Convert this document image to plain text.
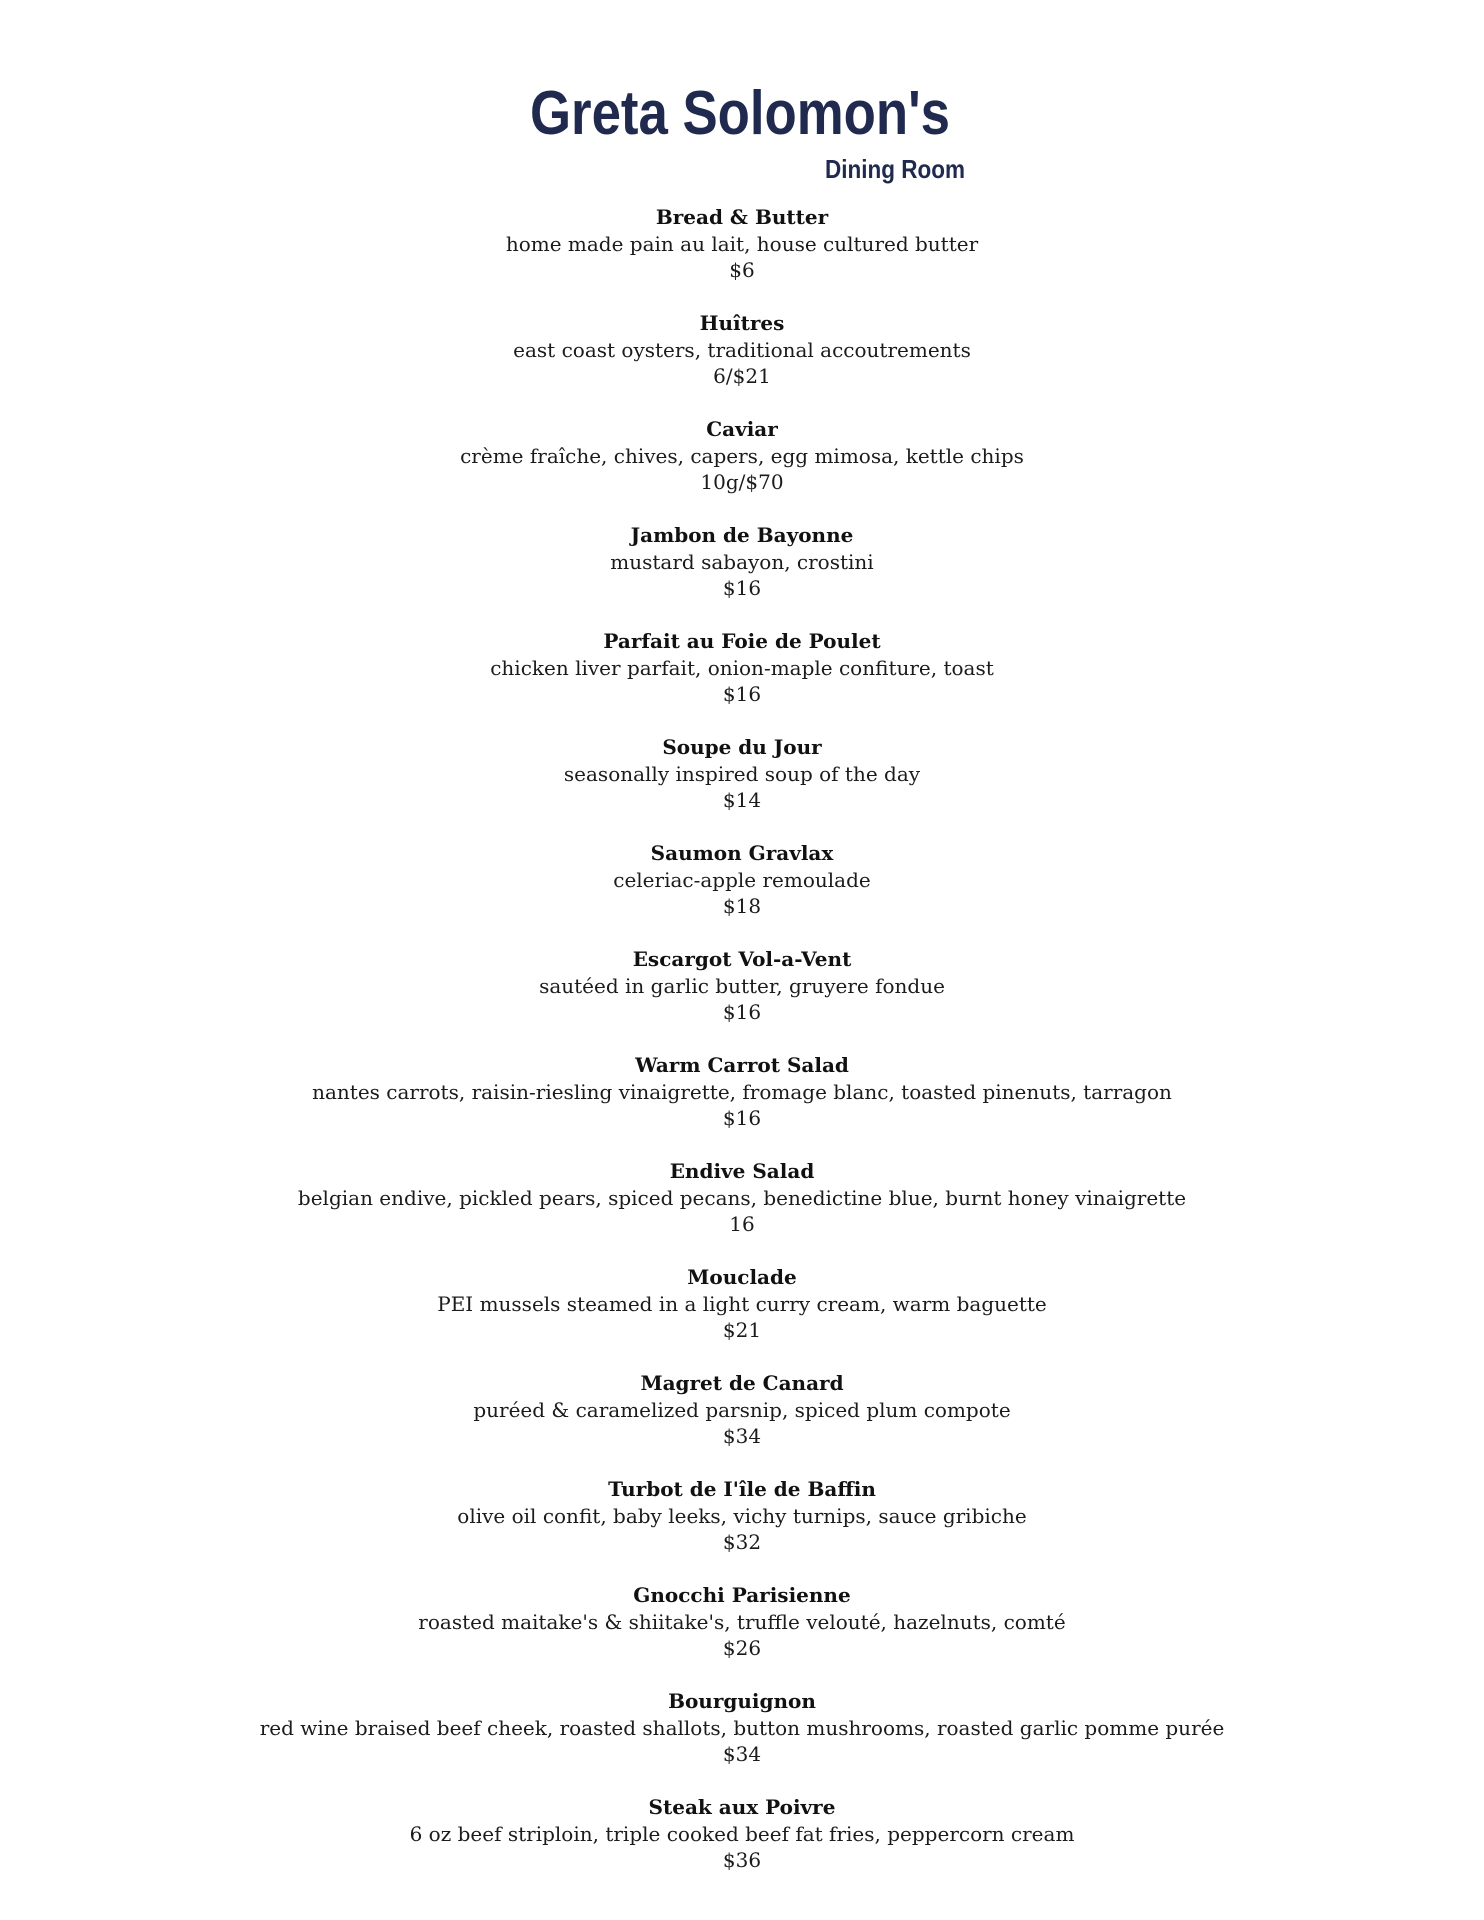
Greta Solomon's
Dining Room
Bread & Butter
home made pain au lait, house cultured butter
$6
Huîtres
east coast oysters, traditional accoutrements
6/$21
Caviar
crème fraîche, chives, capers, egg mimosa, kettle chips
10g/$70
Jambon de Bayonne
mustard sabayon, crostini
$16
Parfait au Foie de Poulet
chicken liver parfait, onion-maple confiture, toast
$16
Soupe du Jour
seasonally inspired soup of the day
$14
Saumon Gravlax
celeriac-apple remoulade
$18
Escargot Vol-a-Vent
sautéed in garlic butter, gruyere fondue
$16
Warm Carrot Salad
nantes carrots, raisin-riesling vinaigrette, fromage blanc, toasted pinenuts, tarragon
$16
Endive Salad
belgian endive, pickled pears, spiced pecans, benedictine blue, burnt honey vinaigrette
16
Mouclade
PEI mussels steamed in a light curry cream, warm baguette
$21
Magret de Canard
puréed & caramelized parsnip, spiced plum compote
$34
Turbot de I'île de Baffin
olive oil confit, baby leeks, vichy turnips, sauce gribiche
$32
Gnocchi Parisienne
roasted maitake's & shiitake's, truffle velouté, hazelnuts, comté
$26
Bourguignon
red wine braised beef cheek, roasted shallots, button mushrooms, roasted garlic pomme purée
$34
Steak aux Poivre
6 oz beef striploin, triple cooked beef fat fries, peppercorn cream
$36
